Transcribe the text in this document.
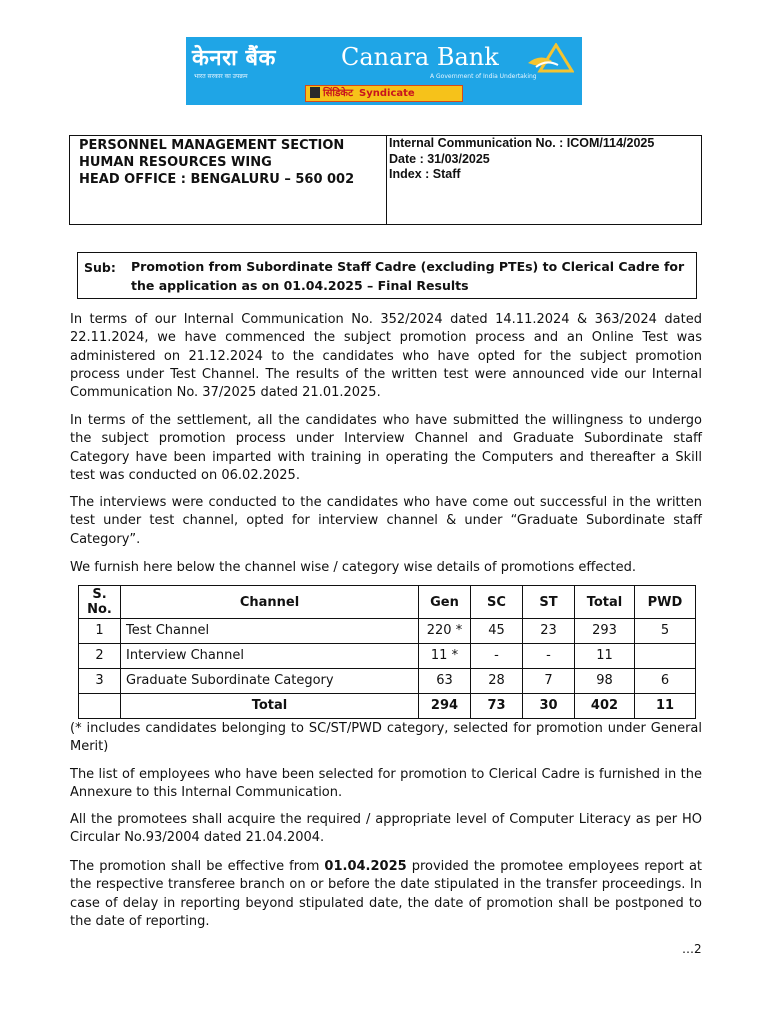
केनरा बैंक
भारत सरकार का उपक्रम
Canara Bank
A Government of India Undertaking
सिंडिकेट Syndicate
PERSONNEL MANAGEMENT SECTION
HUMAN RESOURCES WING
HEAD OFFICE : BENGALURU – 560 002
Internal Communication No. : ICOM/114/2025
Date : 31/03/2025
Index : Staff
Sub: Promotion from Subordinate Staff Cadre (excluding PTEs) to Clerical Cadre for the application as on 01.04.2025 – Final Results

In terms of our Internal Communication No. 352/2024 dated 14.11.2024 & 363/2024 dated 22.11.2024, we have commenced the subject promotion process and an Online Test was administered on 21.12.2024 to the candidates who have opted for the subject promotion process under Test Channel. The results of the written test were announced vide our Internal Communication No. 37/2025 dated 21.01.2025.

In terms of the settlement, all the candidates who have submitted the willingness to undergo the subject promotion process under Interview Channel and Graduate Subordinate staff Category have been imparted with training in operating the Computers and thereafter a Skill test was conducted on 06.02.2025.

The interviews were conducted to the candidates who have come out successful in the written test under test channel, opted for interview channel & under “Graduate Subordinate staff Category”.

We furnish here below the channel wise / category wise details of promotions effected.

S. No.	Channel	Gen	SC	ST	Total	PWD
1	Test Channel	220 *	45	23	293	5
2	Interview Channel	11 *	-	-	11	
3	Graduate Subordinate Category	63	28	7	98	6
	Total	294	73	30	402	11

(* includes candidates belonging to SC/ST/PWD category, selected for promotion under General Merit)

The list of employees who have been selected for promotion to Clerical Cadre is furnished in the Annexure to this Internal Communication.

All the promotees shall acquire the required / appropriate level of Computer Literacy as per HO Circular No.93/2004 dated 21.04.2004.

The promotion shall be effective from 01.04.2025 provided the promotee employees report at the respective transferee branch on or before the date stipulated in the transfer proceedings. In case of delay in reporting beyond stipulated date, the date of promotion shall be postponed to the date of reporting.

…2
